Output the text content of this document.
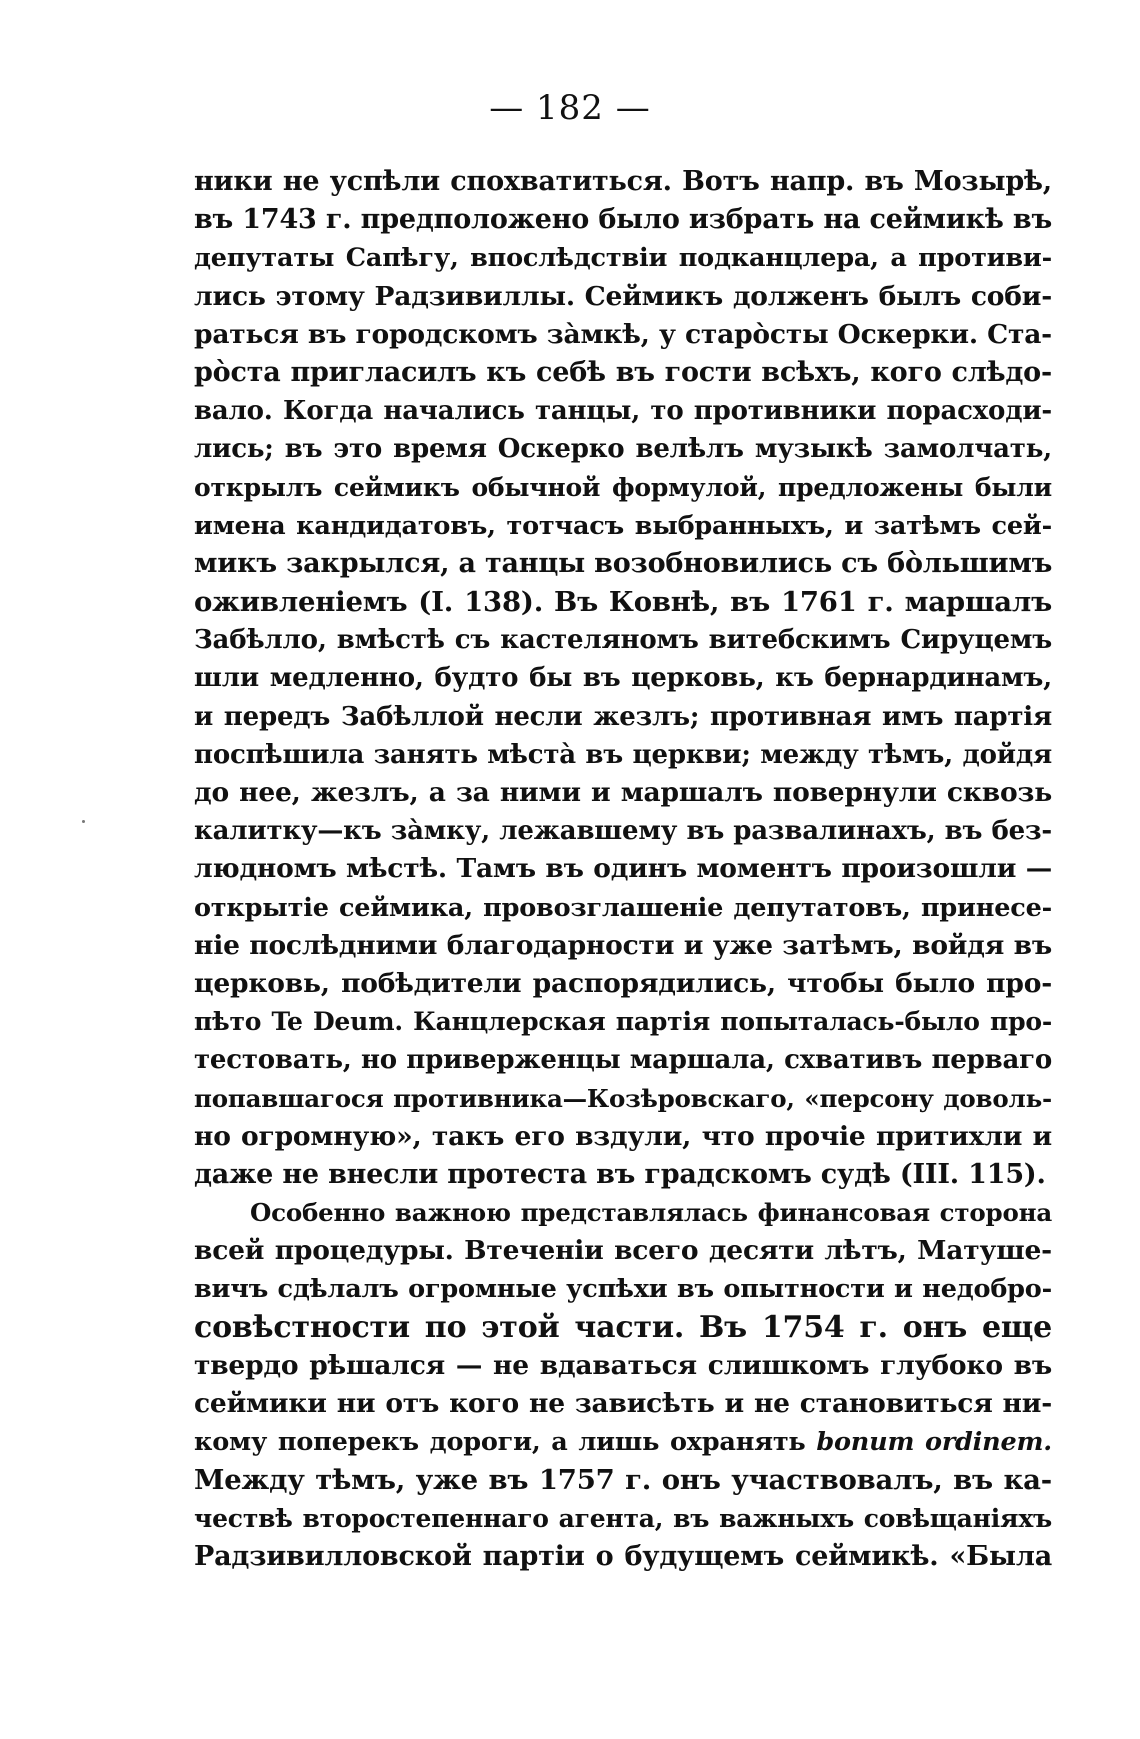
— 182 —
ники не успѣли спохватиться. Вотъ напр. въ Мозырѣ,
въ 1743 г. предположено было избрать на сеймикѣ въ
депутаты Сапѣгу, впослѣдствіи подканцлера, а противи-
лись этому Радзивиллы. Сеймикъ долженъ былъ соби-
раться въ городскомъ за̀мкѣ, у старо̀сты Оскерки. Ста-
ро̀ста пригласилъ къ себѣ въ гости всѣхъ, кого слѣдо-
вало. Когда начались танцы, то противники порасходи-
лись; въ это время Оскерко велѣлъ музыкѣ замолчать,
открылъ сеймикъ обычной формулой, предложены были
имена кандидатовъ, тотчасъ выбранныхъ, и затѣмъ сей-
микъ закрылся, а танцы возобновились съ бо̀льшимъ
оживленіемъ (I. 138). Въ Ковнѣ, въ 1761 г. маршалъ
Забѣлло, вмѣстѣ съ кастеляномъ витебскимъ Сируцемъ
шли медленно, будто бы въ церковь, къ бернардинамъ,
и передъ Забѣллой несли жезлъ; противная имъ партія
поспѣшила занять мѣста̀ въ церкви; между тѣмъ, дойдя
до нее, жезлъ, а за ними и маршалъ повернули сквозь
калитку—къ за̀мку, лежавшему въ развалинахъ, въ без-
людномъ мѣстѣ. Тамъ въ одинъ моментъ произошли —
открытіе сеймика, провозглашеніе депутатовъ, принесе-
ніе послѣдними благодарности и уже затѣмъ, войдя въ
церковь, побѣдители распорядились, чтобы было про-
пѣто Te Deum. Канцлерская партія попыталась-было про-
тестовать, но приверженцы маршала, схвативъ перваго
попавшагося противника—Козѣровскаго, «персону доволь-
но огромную», такъ его вздули, что прочіе притихли и
даже не внесли протеста въ градскомъ судѣ (III. 115).
Особенно важною представлялась финансовая сторона
всей процедуры. Втеченіи всего десяти лѣтъ, Матуше-
вичъ сдѣлалъ огромные успѣхи въ опытности и недобро-
совѣстности по этой части. Въ 1754 г. онъ еще
твердо рѣшался — не вдаваться слишкомъ глубоко въ
сеймики ни отъ кого не зависѣть и не становиться ни-
кому поперекъ дороги, а лишь охранять bonum ordinem.
Между тѣмъ, уже въ 1757 г. онъ участвовалъ, въ ка-
чествѣ второстепеннаго агента, въ важныхъ совѣщаніяхъ
Радзивилловской партіи о будущемъ сеймикѣ. «Была
